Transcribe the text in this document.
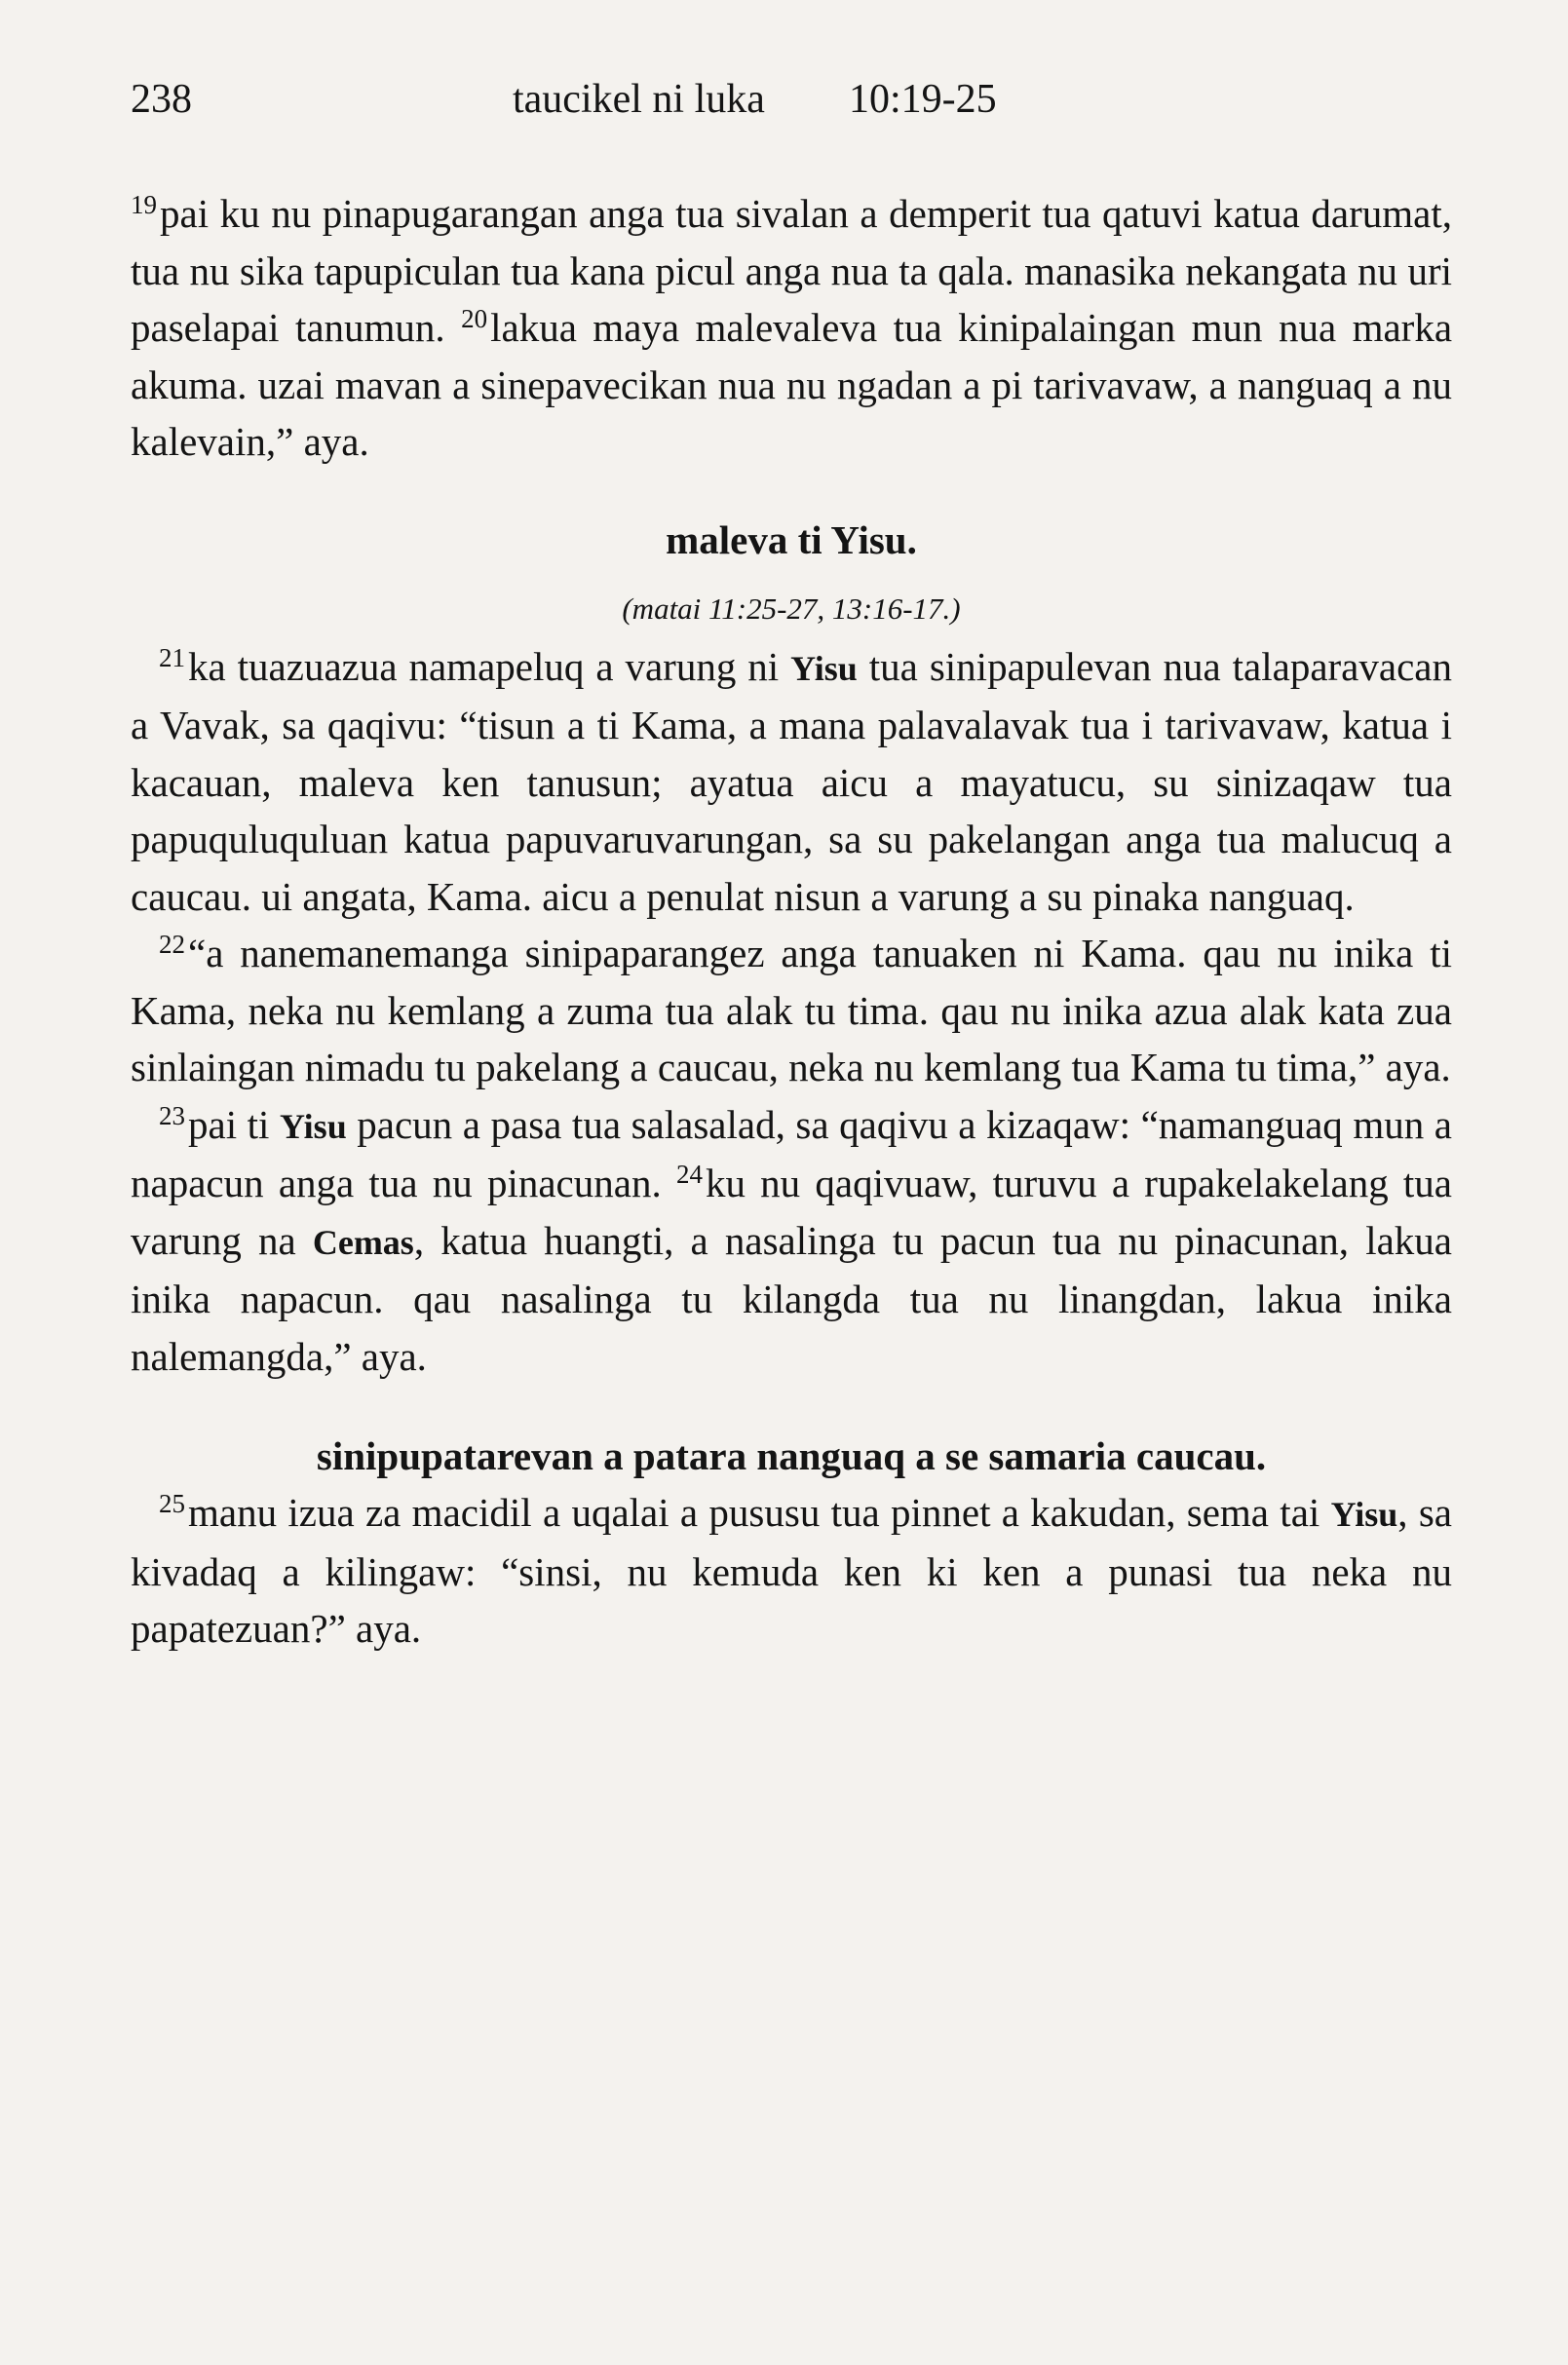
238	taucikel ni luka 10:19-25

$^{19}$pai ku nu pinapugarangan anga tua sivalan a demperit tua qatuvi katua darumat, tua nu sika tapupiculan tua kana picul anga nua ta qala. manasika nekangata nu uri paselapai tanumun. $^{20}$lakua maya malevaleva tua kinipalaingan mun nua marka akuma. uzai mavan a sinepavecikan nua nu ngadan a pi tarivavaw, a nanguaq a nu kalevain,” aya.

maleva ti Yisu.
(matai 11:25-27, 13:16-17.)

$^{21}$ka tuazuazua namapeluq a varung ni Yisu tua sinipapulevan nua talaparavacan a Vavak, sa qaqivu: “tisun a ti Kama, a mana palavalavak tua i tarivavaw, katua i kacauan, maleva ken tanusun; ayatua aicu a mayatucu, su sinizaqaw tua papuquluquluan katua papuvaruvarungan, sa su pakelangan anga tua malucuq a caucau. ui angata, Kama. aicu a penulat nisun a varung a su pinaka nanguaq.

$^{22}$“a nanemanemanga sinipaparangez anga tanuaken ni Kama. qau nu inika ti Kama, neka nu kemlang a zuma tua alak tu tima. qau nu inika azua alak kata zua sinlaingan nimadu tu pakelang a caucau, neka nu kemlang tua Kama tu tima,” aya.

$^{23}$pai ti Yisu pacun a pasa tua salasalad, sa qaqivu a kizaqaw: “namanguaq mun a napacun anga tua nu pinacunan. $^{24}$ku nu qaqivuaw, turuvu a rupakelakelang tua varung na Cemas, katua huangti, a nasalinga tu pacun tua nu pinacunan, lakua inika napacun. qau nasalinga tu kilangda tua nu linangdan, lakua inika nalemangda,” aya.

sinipupatarevan a patara nanguaq a se samaria caucau.

$^{25}$manu izua za macidil a uqalai a pususu tua pinnet a kakudan, sema tai Yisu, sa kivadaq a kilingaw: “sinsi, nu kemuda ken ki ken a punasi tua neka nu papatezuan?” aya.
